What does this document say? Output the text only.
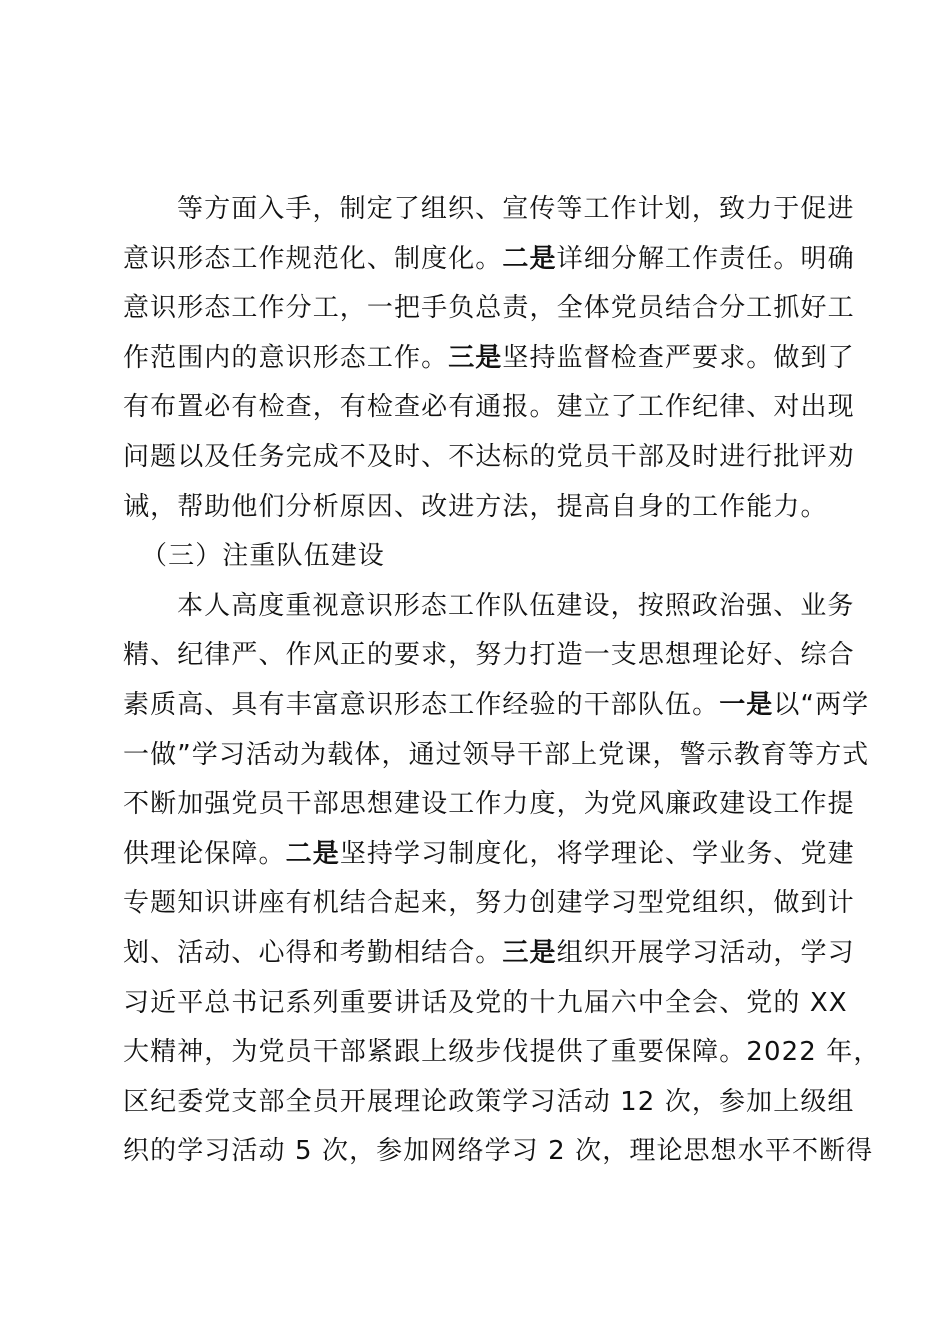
等方面入手，制定了组织、宣传等工作计划，致力于促进
意识形态工作规范化、制度化。二是详细分解工作责任。明确
意识形态工作分工，一把手负总责，全体党员结合分工抓好工
作范围内的意识形态工作。三是坚持监督检查严要求。做到了
有布置必有检查，有检查必有通报。建立了工作纪律、对出现
问题以及任务完成不及时、不达标的党员干部及时进行批评劝
诫，帮助他们分析原因、改进方法，提高自身的工作能力。
（三）注重队伍建设
本人高度重视意识形态工作队伍建设，按照政治强、业务
精、纪律严、作风正的要求，努力打造一支思想理论好、综合
素质高、具有丰富意识形态工作经验的干部队伍。一是以“两学
一做”学习活动为载体，通过领导干部上党课，警示教育等方式
不断加强党员干部思想建设工作力度，为党风廉政建设工作提
供理论保障。二是坚持学习制度化，将学理论、学业务、党建
专题知识讲座有机结合起来，努力创建学习型党组织，做到计
划、活动、心得和考勤相结合。三是组织开展学习活动，学习
习近平总书记系列重要讲话及党的十九届六中全会、党的 XX
大精神，为党员干部紧跟上级步伐提供了重要保障。2022 年，
区纪委党支部全员开展理论政策学习活动 12 次，参加上级组
织的学习活动 5 次，参加网络学习 2 次，理论思想水平不断得
